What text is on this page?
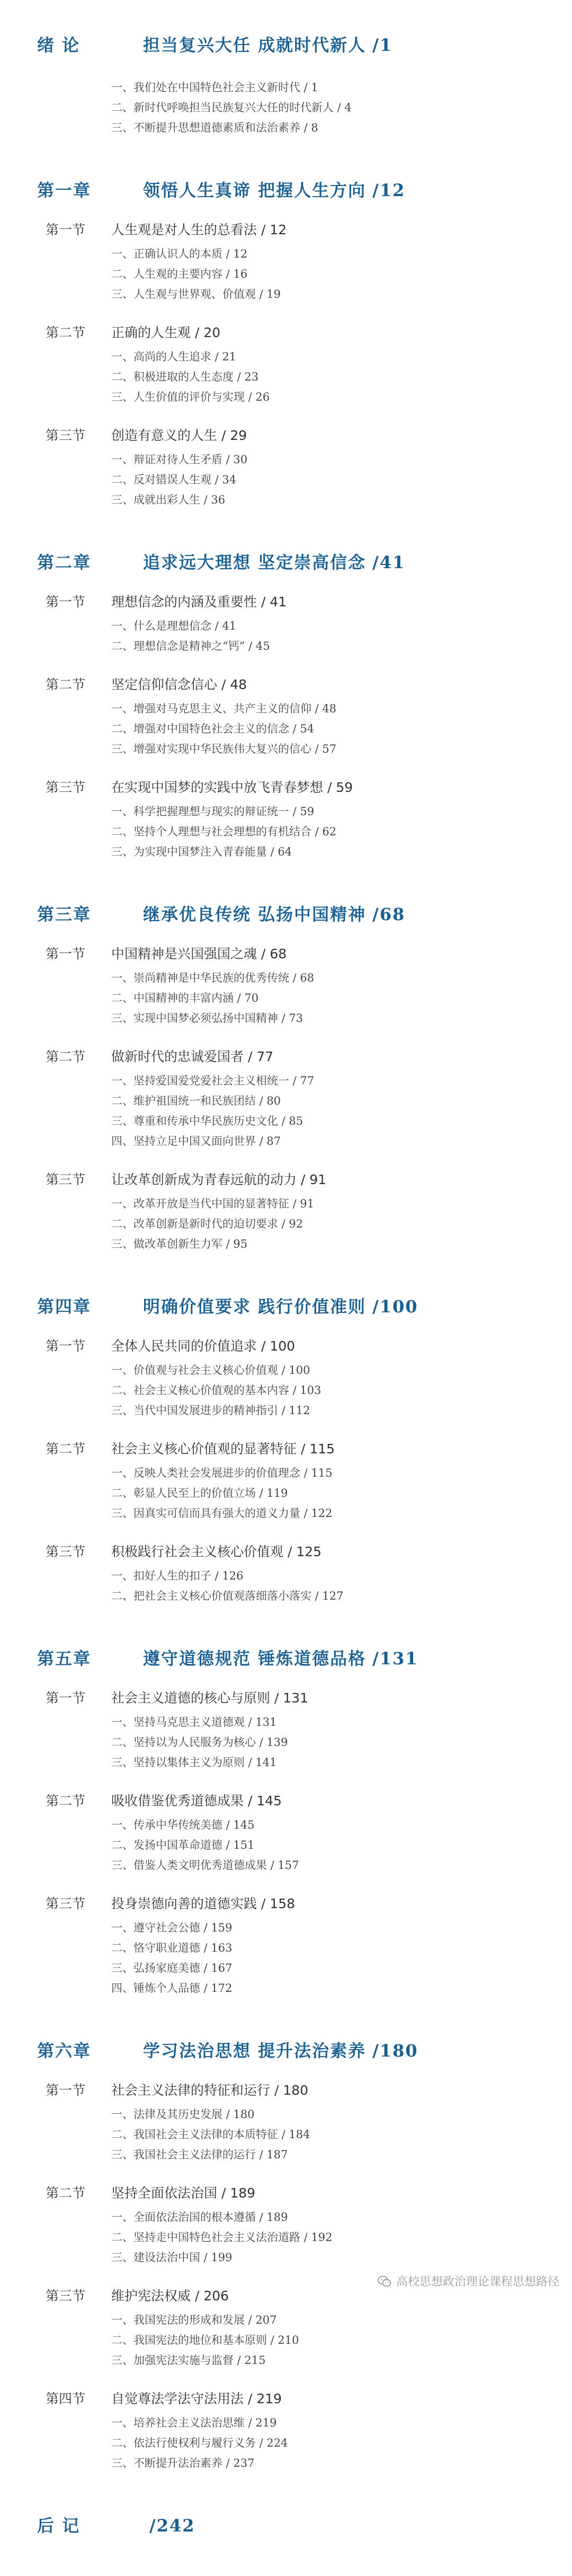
绪 论	担当复兴大任 成就时代新人 / 1
一、我们处在中国特色社会主义新时代 / 1
二、新时代呼唤担当民族复兴大任的时代新人 / 4
三、不断提升思想道德素质和法治素养 / 8
第一章	领悟人生真谛 把握人生方向 / 12
第一节	人生观是对人生的总看法 / 12
一、正确认识人的本质 / 12
二、人生观的主要内容 / 16
三、人生观与世界观、价值观 / 19
第二节	正确的人生观 / 20
一、高尚的人生追求 / 21
二、积极进取的人生态度 / 23
三、人生价值的评价与实现 / 26
第三节	创造有意义的人生 / 29
一、辩证对待人生矛盾 / 30
二、反对错误人生观 / 34
三、成就出彩人生 / 36
第二章	追求远大理想 坚定崇高信念 / 41
第一节	理想信念的内涵及重要性 / 41
一、什么是理想信念 / 41
二、理想信念是精神之“钙” / 45
第二节	坚定信仰信念信心 / 48
一、增强对马克思主义、共产主义的信仰 / 48
二、增强对中国特色社会主义的信念 / 54
三、增强对实现中华民族伟大复兴的信心 / 57
第三节	在实现中国梦的实践中放飞青春梦想 / 59
一、科学把握理想与现实的辩证统一 / 59
二、坚持个人理想与社会理想的有机结合 / 62
三、为实现中国梦注入青春能量 / 64
第三章	继承优良传统 弘扬中国精神 / 68
第一节	中国精神是兴国强国之魂 / 68
一、崇尚精神是中华民族的优秀传统 / 68
二、中国精神的丰富内涵 / 70
三、实现中国梦必须弘扬中国精神 / 73
第二节	做新时代的忠诚爱国者 / 77
一、坚持爱国爱党爱社会主义相统一 / 77
二、维护祖国统一和民族团结 / 80
三、尊重和传承中华民族历史文化 / 85
四、坚持立足中国又面向世界 / 87
第三节	让改革创新成为青春远航的动力 / 91
一、改革开放是当代中国的显著特征 / 91
二、改革创新是新时代的迫切要求 / 92
三、做改革创新生力军 / 95
第四章	明确价值要求 践行价值准则 / 100
第一节	全体人民共同的价值追求 / 100
一、价值观与社会主义核心价值观 / 100
二、社会主义核心价值观的基本内容 / 103
三、当代中国发展进步的精神指引 / 112
第二节	社会主义核心价值观的显著特征 / 115
一、反映人类社会发展进步的价值理念 / 115
二、彰显人民至上的价值立场 / 119
三、因真实可信而具有强大的道义力量 / 122
第三节	积极践行社会主义核心价值观 / 125
一、扣好人生的扣子 / 126
二、把社会主义核心价值观落细落小落实 / 127
第五章	遵守道德规范 锤炼道德品格 / 131
第一节	社会主义道德的核心与原则 / 131
一、坚持马克思主义道德观 / 131
二、坚持以为人民服务为核心 / 139
三、坚持以集体主义为原则 / 141
第二节	吸收借鉴优秀道德成果 / 145
一、传承中华传统美德 / 145
二、发扬中国革命道德 / 151
三、借鉴人类文明优秀道德成果 / 157
第三节	投身崇德向善的道德实践 / 158
一、遵守社会公德 / 159
二、恪守职业道德 / 163
三、弘扬家庭美德 / 167
四、锤炼个人品德 / 172
第六章	学习法治思想 提升法治素养 / 180
第一节	社会主义法律的特征和运行 / 180
一、法律及其历史发展 / 180
二、我国社会主义法律的本质特征 / 184
三、我国社会主义法律的运行 / 187
第二节	坚持全面依法治国 / 189
一、全面依法治国的根本遵循 / 189
二、坚持走中国特色社会主义法治道路 / 192
三、建设法治中国 / 199
第三节	维护宪法权威 / 206
一、我国宪法的形成和发展 / 207
二、我国宪法的地位和基本原则 / 210
三、加强宪法实施与监督 / 215
第四节	自觉尊法学法守法用法 / 219
一、培养社会主义法治思维 / 219
二、依法行使权利与履行义务 / 224
三、不断提升法治素养 / 237
后 记	/ 242
高校思想政治理论课程思想路径
